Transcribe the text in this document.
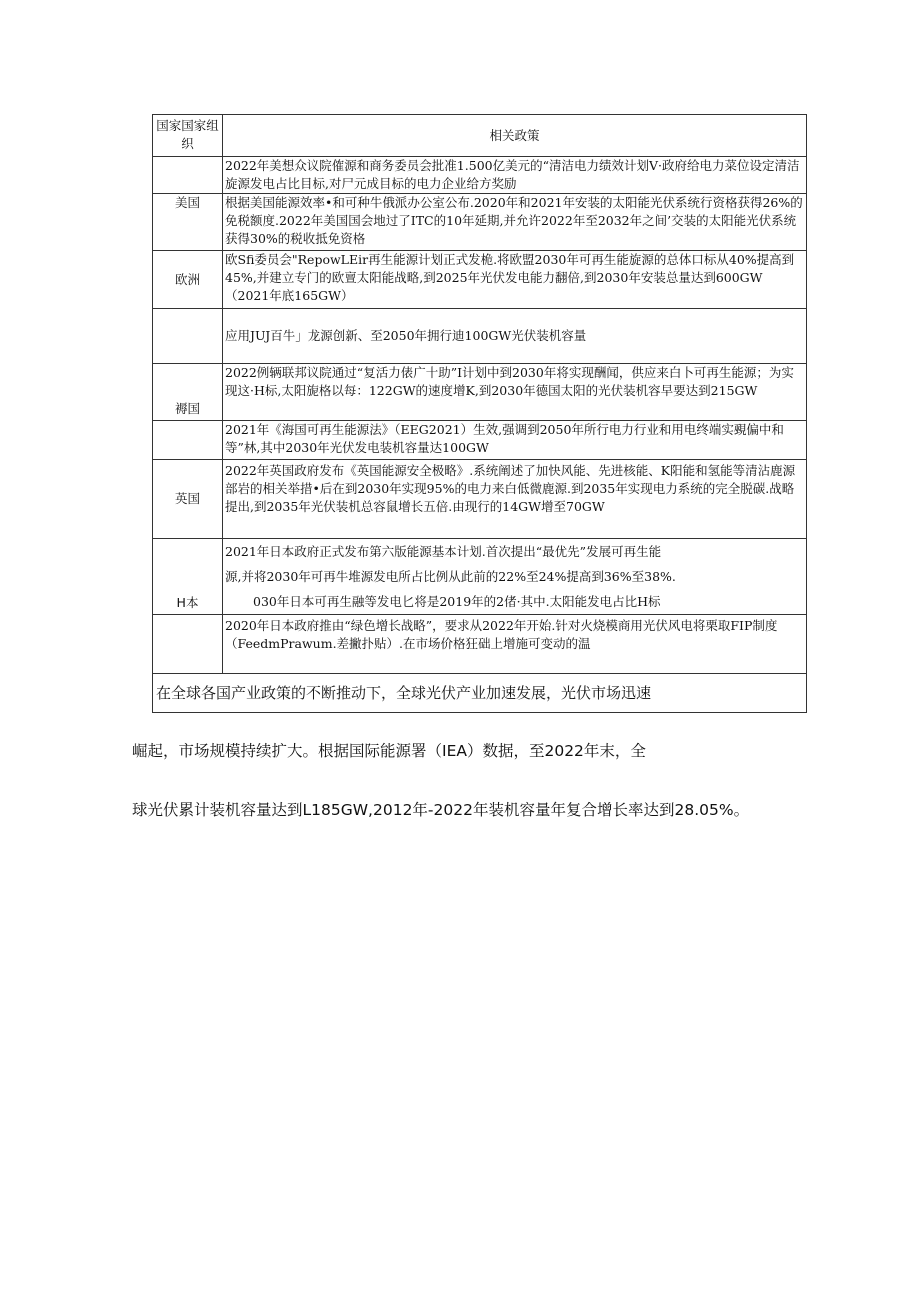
国家国家组织	相关政策

	2022年美想众议院傕源和商务委员会批准1.500亿美元的“清洁电力绩效计划V·政府给电力菜位设定清洁旋源发电占比目标,对尸元成目标的电力企业给方奖励

美国	根据美国能源效率•和可种牛俄派办公室公布.2020年和2021年安装的太阳能光伏系统行资格获得26%的免税额度.2022年美国国会地过了ITC的10年延期,并允许2022年至2032年之间’交装的太阳能光伏系统获得30%的税收抵免资格

欧洲	欧Sfi委员会"RepowLEir再生能源计划正式发桅.将欧盟2030年可再生能旋源的总体口标从40%提高到45%,并建立专门的欧亶太阳能战略,到2025年光伏发电能力翻倍,到2030年安装总量达到600GW（2021年底165GW）

	应用JUJ百牛」龙源创新、至2050年拥行迪100GW光伏装机容量

褥国	2022例辆联邦议院通过“复活力俵广十助”I计划中到2030年将实现酬闻，供应来白卜可再生能源；为实现这·H标,太阳旎格以每：122GW的速度增K,到2030年德国太阳的光伏装机容早要达到215GW

	2021年《海国可再生能源法》（EEG2021）生效,强调到2050年所行电力行业和用电终端实覡偏中和等”林,其中2030年光伏发电装机容量达100GW

英国	2022年英国政府发布《英国能源安全极略》.系统阐述了加快风能、先进核能、K阳能和氢能等清沾鹿源部岩的相关举措•后在到2030年实现95%的电力来白低微鹿源.到2035年实现电力系统的完全脱碳.战略提出,到2035年光伏装机总容鼠增长五倍.由现行的14GW增至70GW

H本	2021年日本政府正式发布第六版能源基本计划.首次提出“最优先”发展可再生能
源,并将2030年可再牛堆源发电所占比例从此前的22%至24%提高到36%至38%.
030年日本可再生融等发电匕将是2019年的2偖·其中.太阳能发电占比H标

	2020年日本政府推由“绿色增长战略”，要求从2022年开始.针对火烧模商用光伏风电将栗取FIP制度（FeedmPrawum.差撇扑贴）.在市场价格狂础上增施可变动的温

在全球各国产业政策的不断推动下，全球光伏产业加速发展，光伏市场迅速	
崛起，市场规模持续扩大。根据国际能源署（IEA）数据，至2022年末，全
球光伏累计装机容量达到L185GW,2012年-2022年装机容量年复合增长率达到28.05%。
